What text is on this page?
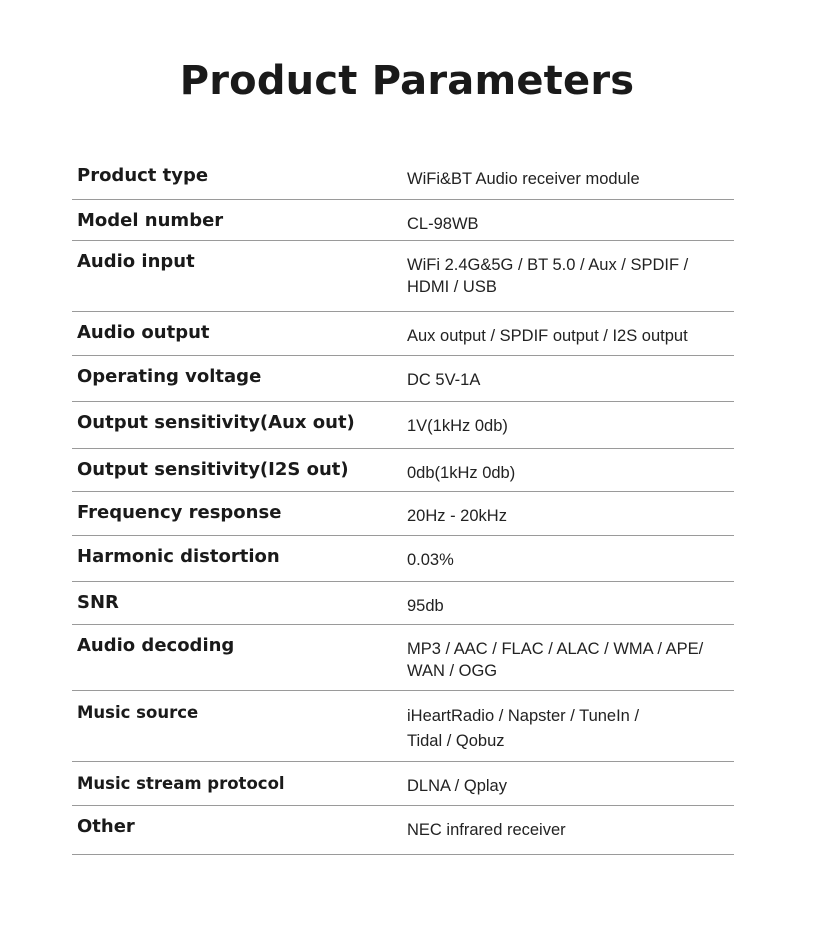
Product Parameters
Product type	WiFi&BT Audio receiver module
Model number	CL-98WB
Audio input	WiFi 2.4G&5G / BT 5.0 / Aux / SPDIF /
HDMI / USB
Audio output	Aux output / SPDIF output / I2S output
Operating voltage	DC 5V-1A
Output sensitivity(Aux out)	1V(1kHz 0db)
Output sensitivity(I2S out)	0db(1kHz 0db)
Frequency response	20Hz - 20kHz
Harmonic distortion	0.03%
SNR	95db
Audio decoding	MP3 / AAC / FLAC / ALAC / WMA / APE/
WAN / OGG
Music source	iHeartRadio / Napster / TuneIn /
Tidal / Qobuz
Music stream protocol	DLNA / Qplay
Other	NEC infrared receiver
